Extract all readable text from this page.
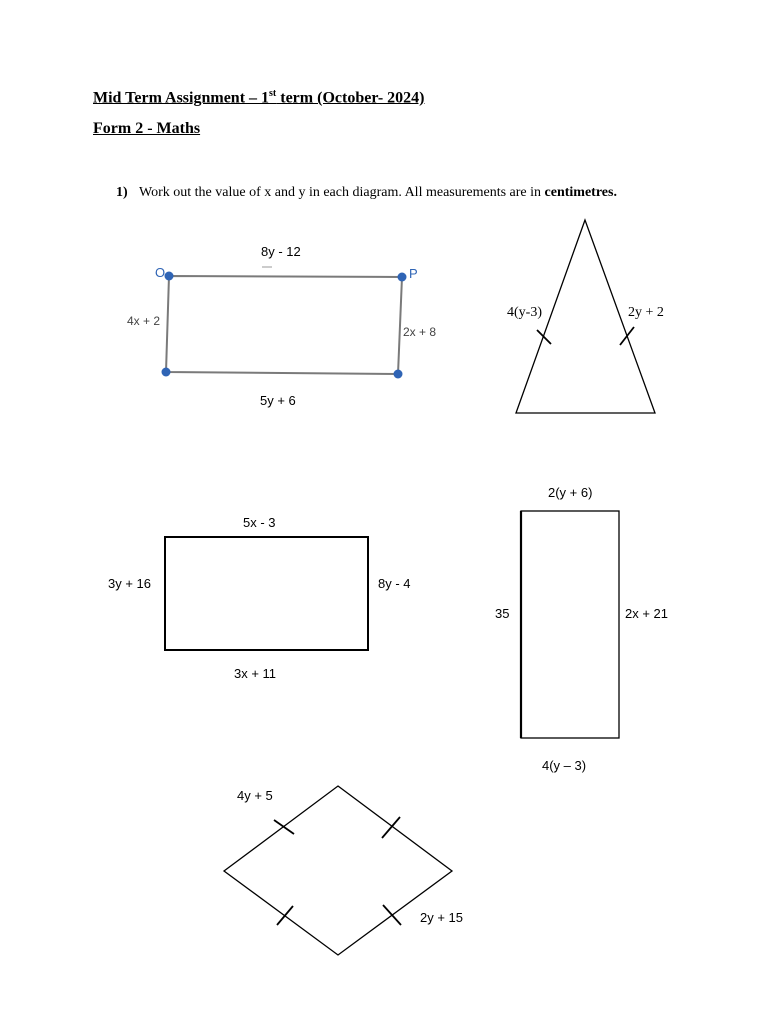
Mid Term Assignment – 1st term (October- 2024)
Form 2 - Maths
1) Work out the value of x and y in each diagram. All measurements are in centimetres.
O	P
8y - 12
4x + 2
2x + 8
5y + 6
4(y-3)	2y + 2
5x - 3
3y + 16	8y - 4
3x + 11
2(y + 6)
35	2x + 21
4(y – 3)
4y + 5
2y + 15
